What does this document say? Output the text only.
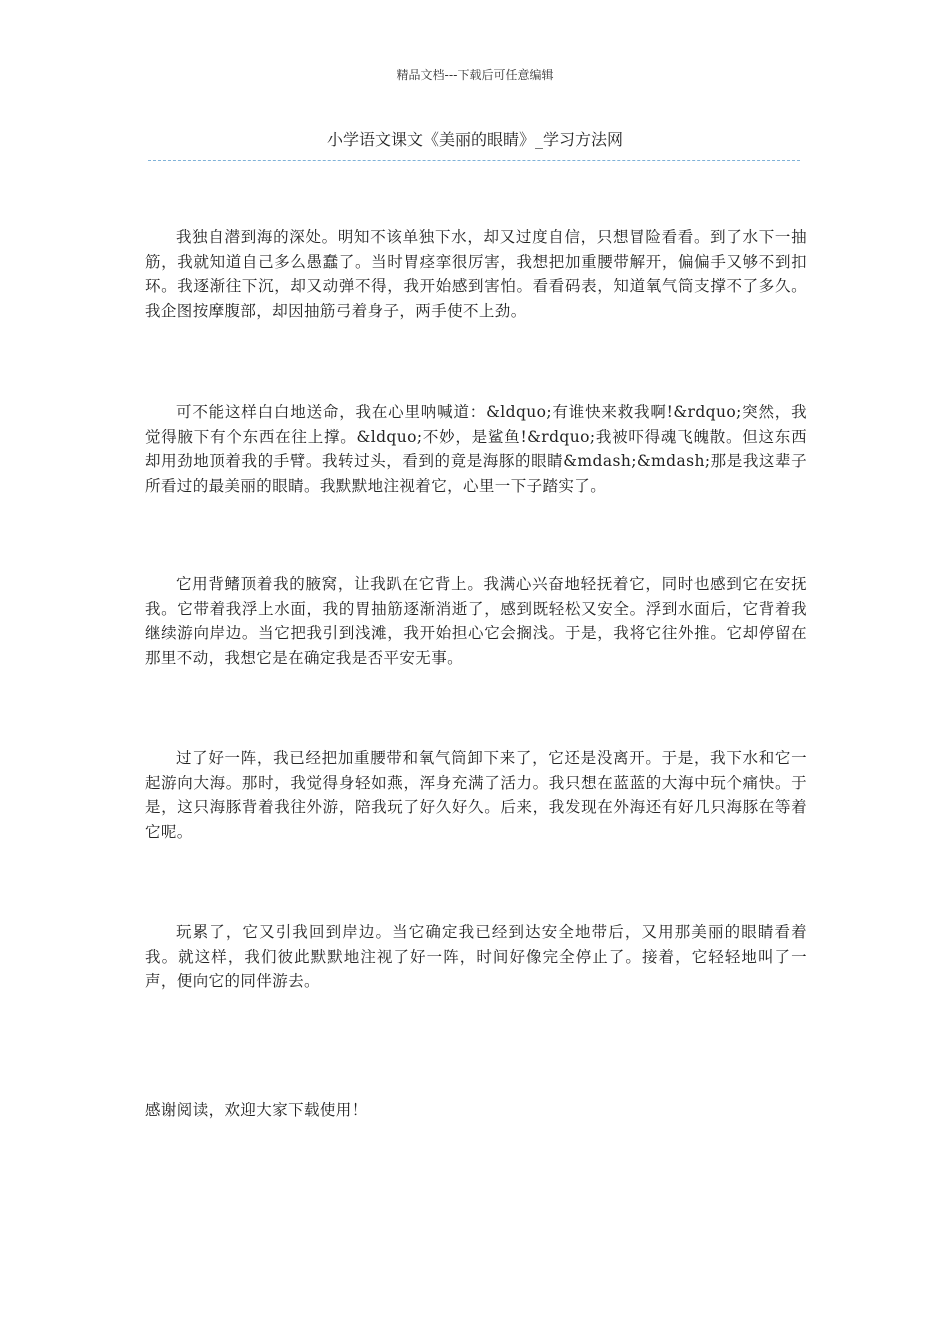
精品文档---下载后可任意编辑
小学语文课文《美丽的眼睛》_学习方法网

我独自潜到海的深处。明知不该单独下水，却又过度自信，只想冒险看看。到了水下一抽筋，我就知道自己多么愚蠢了。当时胃痉挛很厉害，我想把加重腰带解开，偏偏手又够不到扣环。我逐渐往下沉，却又动弹不得，我开始感到害怕。看看码表，知道氧气筒支撑不了多久。我企图按摩腹部，却因抽筋弓着身子，两手使不上劲。

可不能这样白白地送命，我在心里呐喊道：&ldquo;有谁快来救我啊!&rdquo;突然，我觉得腋下有个东西在往上撑。&ldquo;不妙，是鲨鱼!&rdquo;我被吓得魂飞魄散。但这东西却用劲地顶着我的手臂。我转过头，看到的竟是海豚的眼睛&mdash;&mdash;那是我这辈子所看过的最美丽的眼睛。我默默地注视着它，心里一下子踏实了。

它用背鳍顶着我的腋窝，让我趴在它背上。我满心兴奋地轻抚着它，同时也感到它在安抚我。它带着我浮上水面，我的胃抽筋逐渐消逝了，感到既轻松又安全。浮到水面后，它背着我继续游向岸边。当它把我引到浅滩，我开始担心它会搁浅。于是，我将它往外推。它却停留在那里不动，我想它是在确定我是否平安无事。

过了好一阵，我已经把加重腰带和氧气筒卸下来了，它还是没离开。于是，我下水和它一起游向大海。那时，我觉得身轻如燕，浑身充满了活力。我只想在蓝蓝的大海中玩个痛快。于是，这只海豚背着我往外游，陪我玩了好久好久。后来，我发现在外海还有好几只海豚在等着它呢。

玩累了，它又引我回到岸边。当它确定我已经到达安全地带后，又用那美丽的眼睛看着我。就这样，我们彼此默默地注视了好一阵，时间好像完全停止了。接着，它轻轻地叫了一声，便向它的同伴游去。

感谢阅读，欢迎大家下载使用！
